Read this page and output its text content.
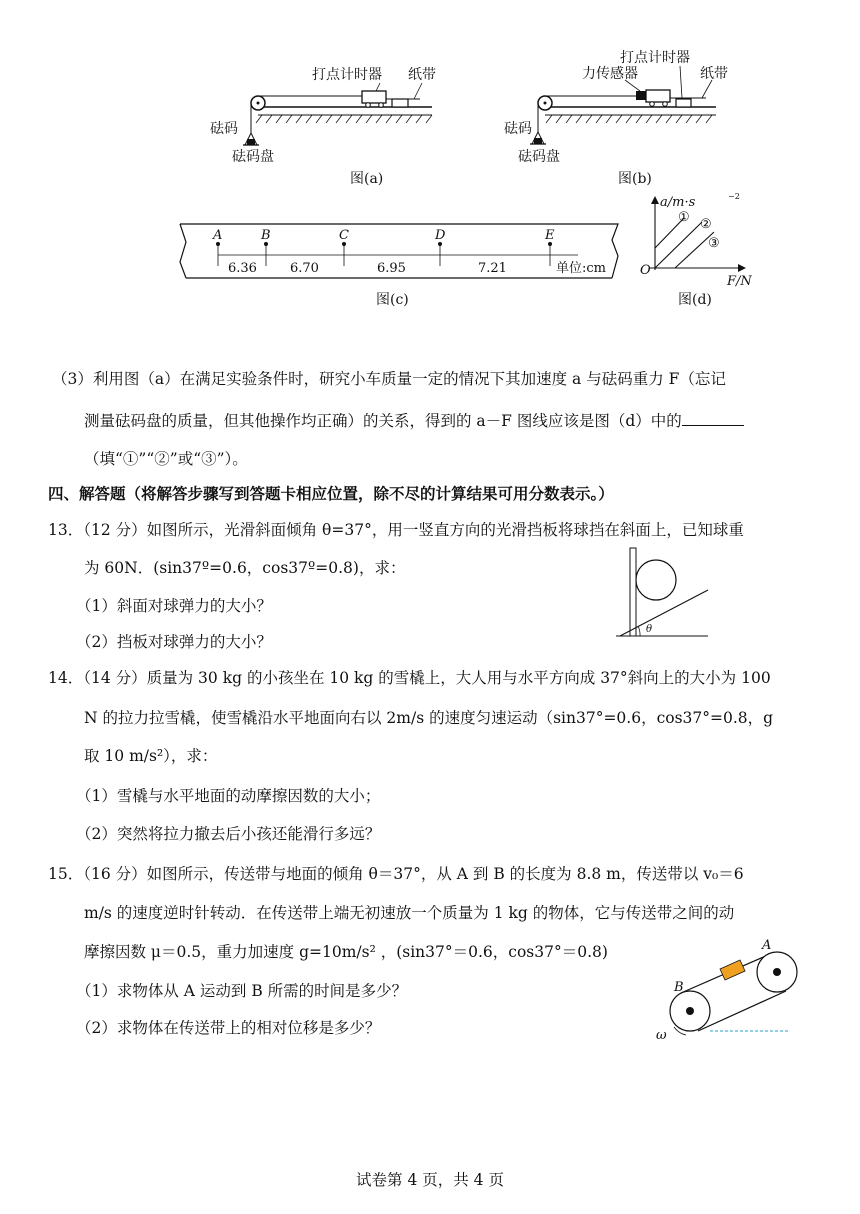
打点计时器 纸带
砝码
砝码盘
图(a)
打点计时器
力传感器	纸带
砝码
砝码盘
图(b)
A	B	C	D	E
6.36	6.70	6.95	7.21	单位:cm
图(c)
a/m·s	−2
F/N
O
① ②
③
图(d)
（3）利用图（a）在满足实验条件时，研究小车质量一定的情况下其加速度 a 与砝码重力 F（忘记
测量砝码盘的质量，但其他操作均正确）的关系，得到的 a－F 图线应该是图（d）中的
（填“①”“②”或“③”）。
四、解答题（将解答步骤写到答题卡相应位置，除不尽的计算结果可用分数表示。）
13．（12 分）如图所示，光滑斜面倾角 θ=37°，用一竖直方向的光滑挡板将球挡在斜面上，已知球重
为 60N．(sin37º=0.6，cos37º=0.8)，求：
（1）斜面对球弹力的大小？
（2）挡板对球弹力的大小？
θ
14．（14 分）质量为 30 kg 的小孩坐在 10 kg 的雪橇上，大人用与水平方向成 37°斜向上的大小为 100
N 的拉力拉雪橇，使雪橇沿水平地面向右以 2m/s 的速度匀速运动（sin37°=0.6，cos37°=0.8，g
取 10 m/s²），求：
（1）雪橇与水平地面的动摩擦因数的大小；
（2）突然将拉力撤去后小孩还能滑行多远？
15．（16 分）如图所示，传送带与地面的倾角 θ＝37°，从 A 到 B 的长度为 8.8 m，传送带以 v₀＝6
m/s 的速度逆时针转动．在传送带上端无初速放一个质量为 1 kg 的物体，它与传送带之间的动
摩擦因数 μ＝0.5，重力加速度 g=10m/s² ，(sin37°＝0.6，cos37°＝0.8)
（1）求物体从 A 运动到 B 所需的时间是多少？
（2）求物体在传送带上的相对位移是多少？
A
B
ω
试卷第 4 页，共 4 页
